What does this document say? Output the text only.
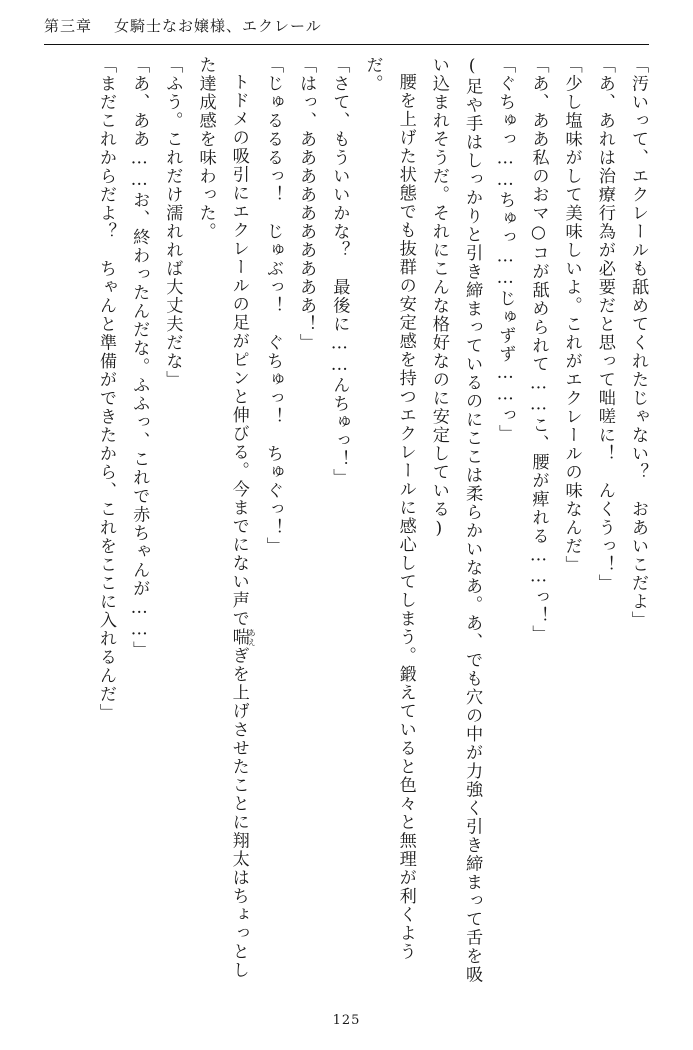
第三章 女騎士なお嬢様、エクレール

「汚いって、エクレールも舐めてくれたじゃない？　おあいこだよ」

「あ、あれは治療行為が必要だと思って咄嗟に！　んくうっ！」

「少し塩味がして美味しいよ。これがエクレールの味なんだ」

「あ、ああ私のおマ○コが舐められて……こ、腰が痺れる……っ！」

「ぐちゅっ……ちゅっ……じゅずず……っ」

(足や手はしっかりと引き締まっているのにここは柔らかいなあ。あ、でも穴の中が力強く引き締まって舌を吸い込まれそうだ。それにこんな格好なのに安定している)

腰を上げた状態でも抜群の安定感を持つエクレールに感心してしまう。鍛えていると色々と無理が利くようだ。

「さて、もういいかな？　最後に……んちゅっ！」

「はっ、ああああああああああ！」

「じゅるるるっ！　じゅぶっ！　ぐちゅっ！　ちゅぐっ！」

トドメの吸引にエクレールの足がピンと伸びる。今までにない声で喘あえぎを上げさせたことに翔太はちょっとした達成感を味わった。

「ふう。これだけ濡れれば大丈夫だな」

「あ、ああ……お、終わったんだな。ふふっ、これで赤ちゃんが……」

「まだこれからだよ？　ちゃんと準備ができたから、これをここに入れるんだ」

125
